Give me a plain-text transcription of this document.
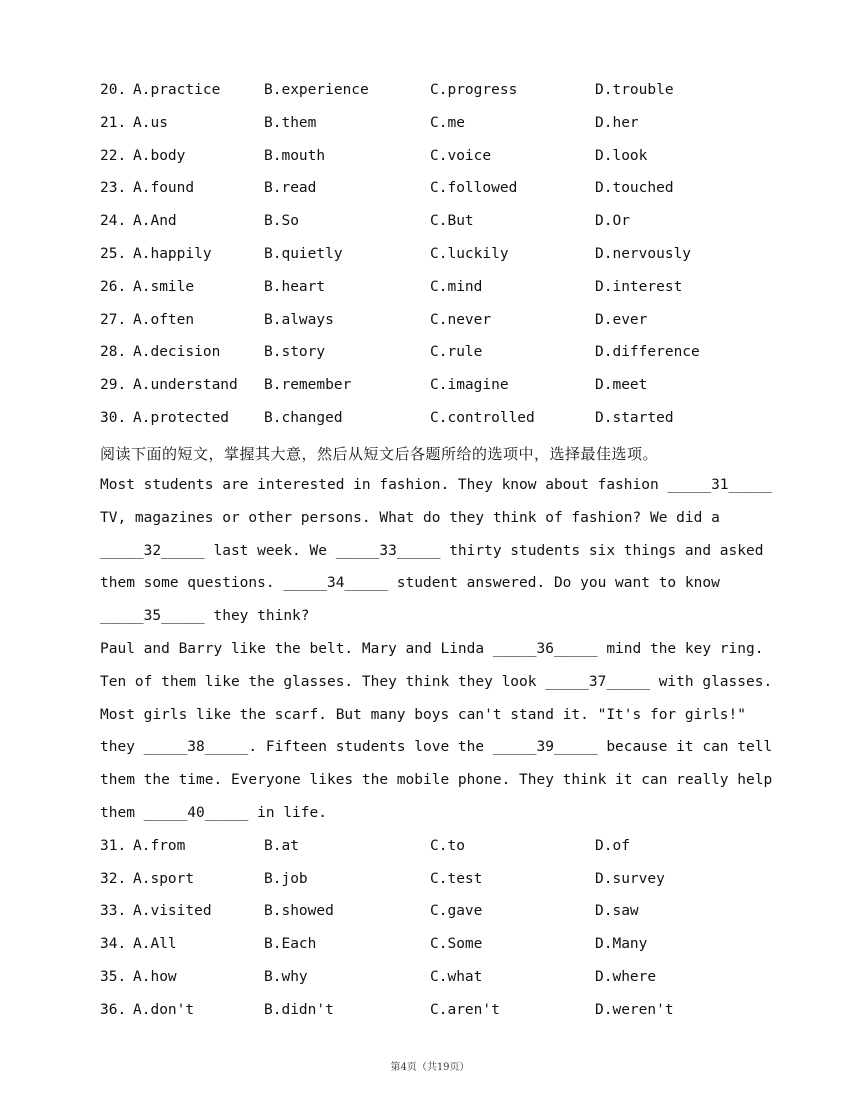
20. A.practice	B.experience	C.progress	D.trouble
21. A.us	B.them	C.me	D.her
22. A.body	B.mouth	C.voice	D.look
23. A.found	B.read	C.followed	D.touched
24. A.And	B.So	C.But	D.Or
25. A.happily	B.quietly	C.luckily	D.nervously
26. A.smile	B.heart	C.mind	D.interest
27. A.often	B.always	C.never	D.ever
28. A.decision	B.story	C.rule	D.difference
29. A.understand B.remember	C.imagine	D.meet
30. A.protected B.changed	C.controlled	D.started
阅读下面的短文，掌握其大意，然后从短文后各题所给的选项中，选择最佳选项。
Most students are interested in fashion. They know about fashion _____31_____
TV, magazines or other persons. What do they think of fashion? We did a
_____32_____ last week. We _____33_____ thirty students six things and asked
them some questions. _____34_____ student answered. Do you want to know
_____35_____ they think?
Paul and Barry like the belt. Mary and Linda _____36_____ mind the key ring.
Ten of them like the glasses. They think they look _____37_____ with glasses.
Most girls like the scarf. But many boys can't stand it. "It's for girls!"
they _____38_____. Fifteen students love the _____39_____ because it can tell
them the time. Everyone likes the mobile phone. They think it can really help
them _____40_____ in life.
31. A.from	B.at	C.to	D.of
32. A.sport	B.job	C.test	D.survey
33. A.visited	B.showed	C.gave	D.saw
34. A.All	B.Each	C.Some	D.Many
35. A.how	B.why	C.what	D.where
36. A.don't	B.didn't	C.aren't	D.weren't
第4页（共19页）
